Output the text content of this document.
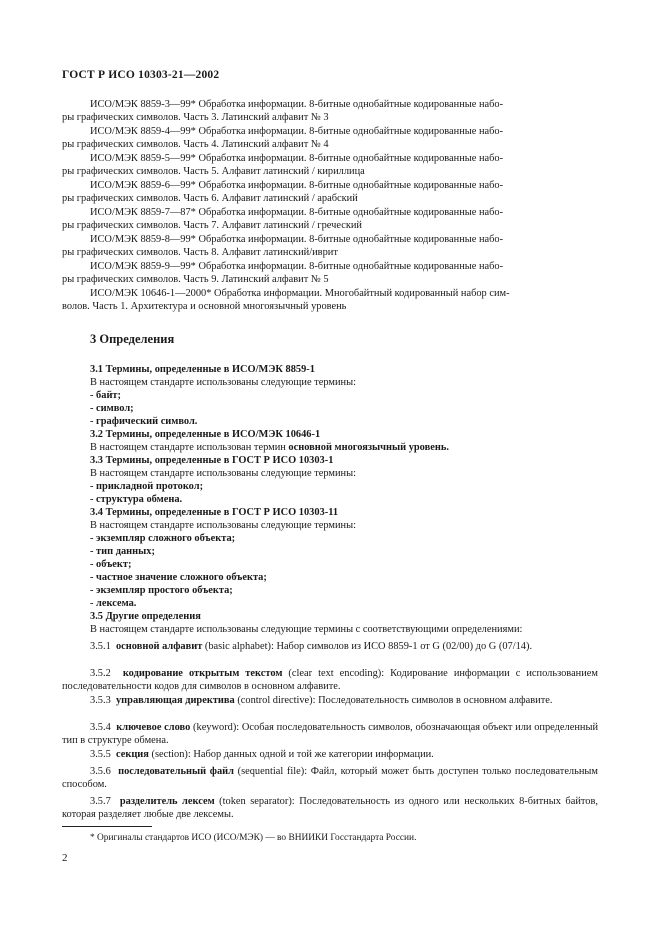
ГОСТ Р ИСО 10303-21—2002
ИСО/МЭК 8859-3—99* Обработка информации. 8-битные однобайтные кодированные набо-
ры графических символов. Часть 3. Латинский алфавит № 3
ИСО/МЭК 8859-4—99* Обработка информации. 8-битные однобайтные кодированные набо-
ры графических символов. Часть 4. Латинский алфавит № 4
ИСО/МЭК 8859-5—99* Обработка информации. 8-битные однобайтные кодированные набо-
ры графических символов. Часть 5. Алфавит латинский / кириллица
ИСО/МЭК 8859-6—99* Обработка информации. 8-битные однобайтные кодированные набо-
ры графических символов. Часть 6. Алфавит латинский / арабский
ИСО/МЭК 8859-7—87* Обработка информации. 8-битные однобайтные кодированные набо-
ры графических символов. Часть 7. Алфавит латинский / греческий
ИСО/МЭК 8859-8—99* Обработка информации. 8-битные однобайтные кодированные набо-
ры графических символов. Часть 8. Алфавит латинский/иврит
ИСО/МЭК 8859-9—99* Обработка информации. 8-битные однобайтные кодированные набо-
ры графических символов. Часть 9. Латинский алфавит № 5
ИСО/МЭК 10646-1—2000* Обработка информации. Многобайтный кодированный набор сим-
волов. Часть 1. Архитектура и основной многоязычный уровень
3 Определения
3.1 Термины, определенные в ИСО/МЭК 8859-1
В настоящем стандарте использованы следующие термины:
- байт;
- символ;
- графический символ.
3.2 Термины, определенные в ИСО/МЭК 10646-1
В настоящем стандарте использован термин основной многоязычный уровень.
3.3 Термины, определенные в ГОСТ Р ИСО 10303-1
В настоящем стандарте использованы следующие термины:
- прикладной протокол;
- структура обмена.
3.4 Термины, определенные в ГОСТ Р ИСО 10303-11
В настоящем стандарте использованы следующие термины:
- экземпляр сложного объекта;
- тип данных;
- объект;
- частное значение сложного объекта;
- экземпляр простого объекта;
- лексема.
3.5 Другие определения
В настоящем стандарте использованы следующие термины с соответствующими определениями:
3.5.1 основной алфавит (basic alphabet): Набор символов из ИСО 8859-1 от G (02/00) до G (07/14).
3.5.2 кодирование открытым текстом (clear text encoding): Кодирование информации с использованием последовательности кодов для символов в основном алфавите.
3.5.3 управляющая директива (control directive): Последовательность символов в основном алфавите.
3.5.4 ключевое слово (keyword): Особая последовательность символов, обозначающая объект или определенный тип в структуре обмена.
3.5.5 секция (section): Набор данных одной и той же категории информации.
3.5.6 последовательный файл (sequential file): Файл, который может быть доступен только последовательным способом.
3.5.7 разделитель лексем (token separator): Последовательность из одного или нескольких 8-битных байтов, которая разделяет любые две лексемы.
* Оригиналы стандартов ИСО (ИСО/МЭК) — во ВНИИКИ Госстандарта России.
2
